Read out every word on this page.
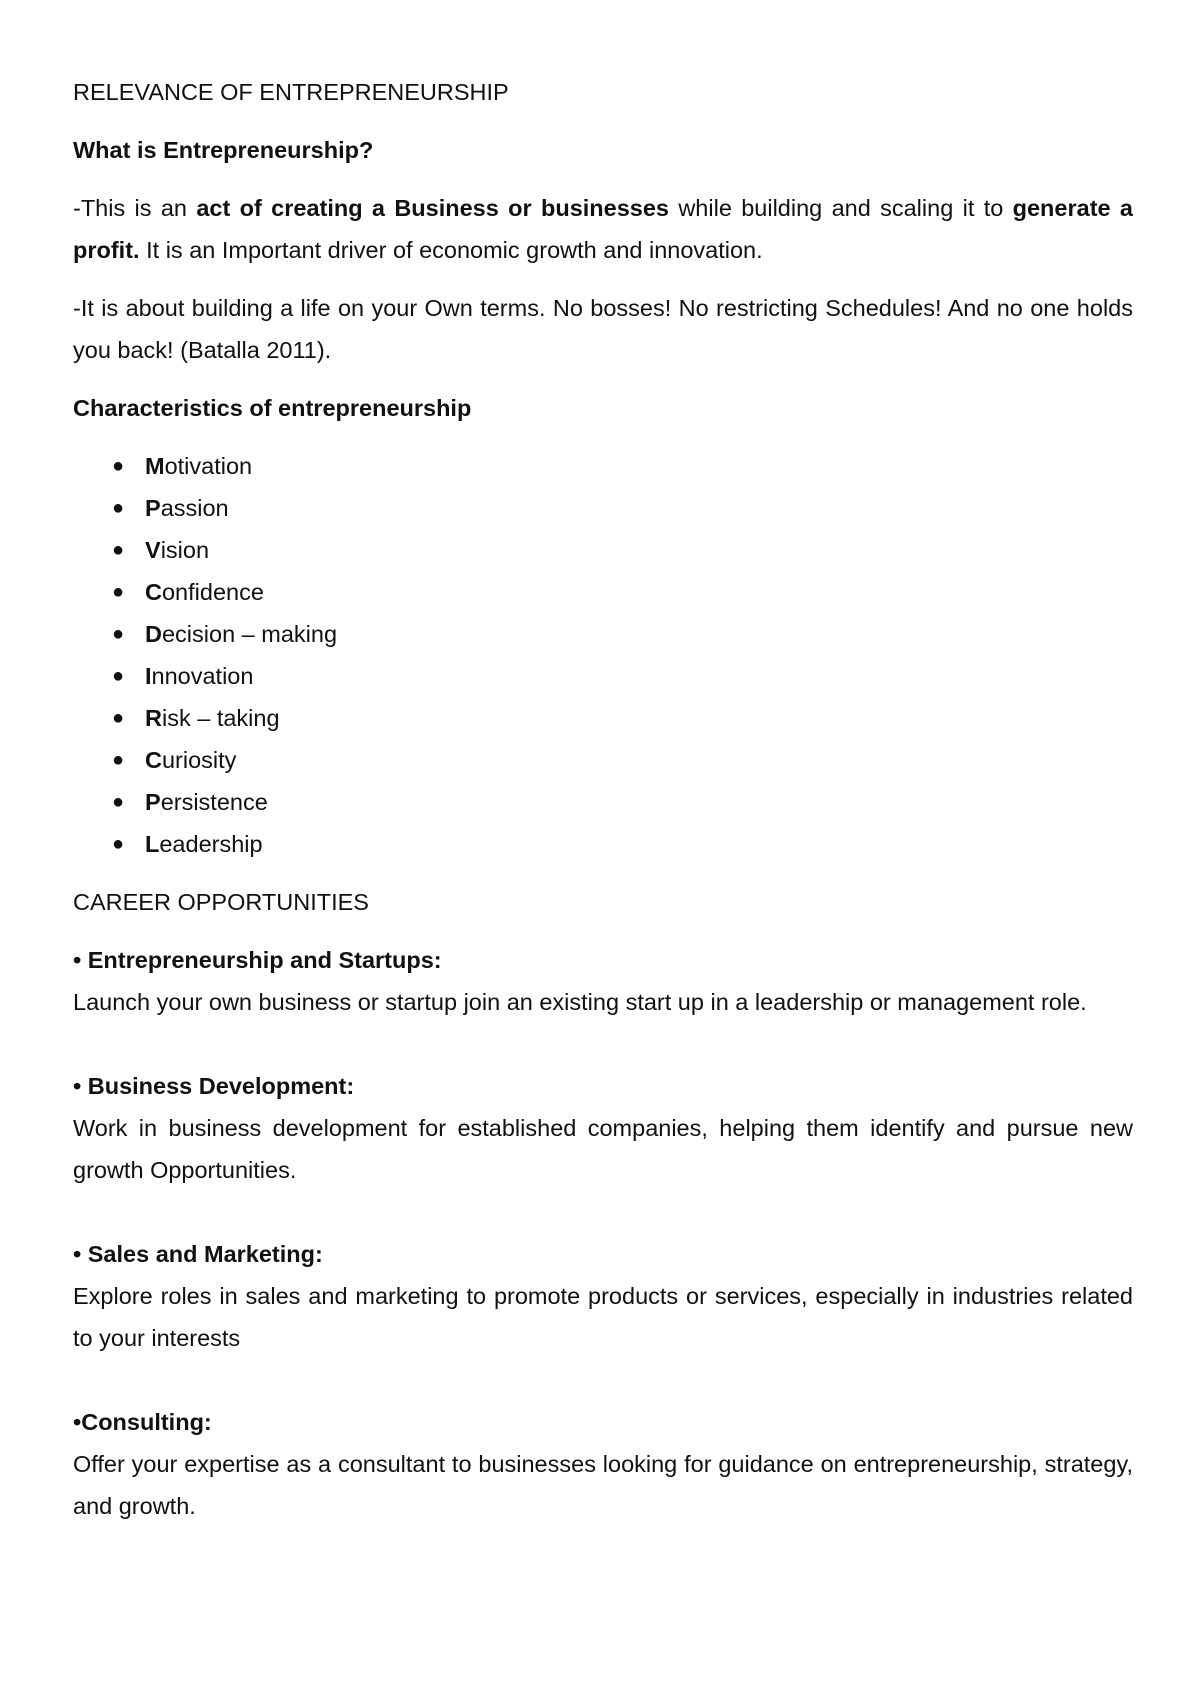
RELEVANCE OF ENTREPRENEURSHIP
What is Entrepreneurship?

-This is an act of creating a Business or businesses while building and scaling it to generate a profit. It is an Important driver of economic growth and innovation.

-It is about building a life on your Own terms. No bosses! No restricting Schedules! And no one holds you back! (Batalla 2011).

Characteristics of entrepreneurship
● Motivation
● Passion
● Vision
● Confidence
● Decision – making
● Innovation
● Risk – taking
● Curiosity
● Persistence
● Leadership
CAREER OPPORTUNITIES
• Entrepreneurship and Startups:

Launch your own business or startup join an existing start up in a leadership or management role.

• Business Development:

Work in business development for established companies, helping them identify and pursue new growth Opportunities.

• Sales and Marketing:

Explore roles in sales and marketing to promote products or services, especially in industries related to your interests

•Consulting:

Offer your expertise as a consultant to businesses looking for guidance on entrepreneurship, strategy, and growth.
